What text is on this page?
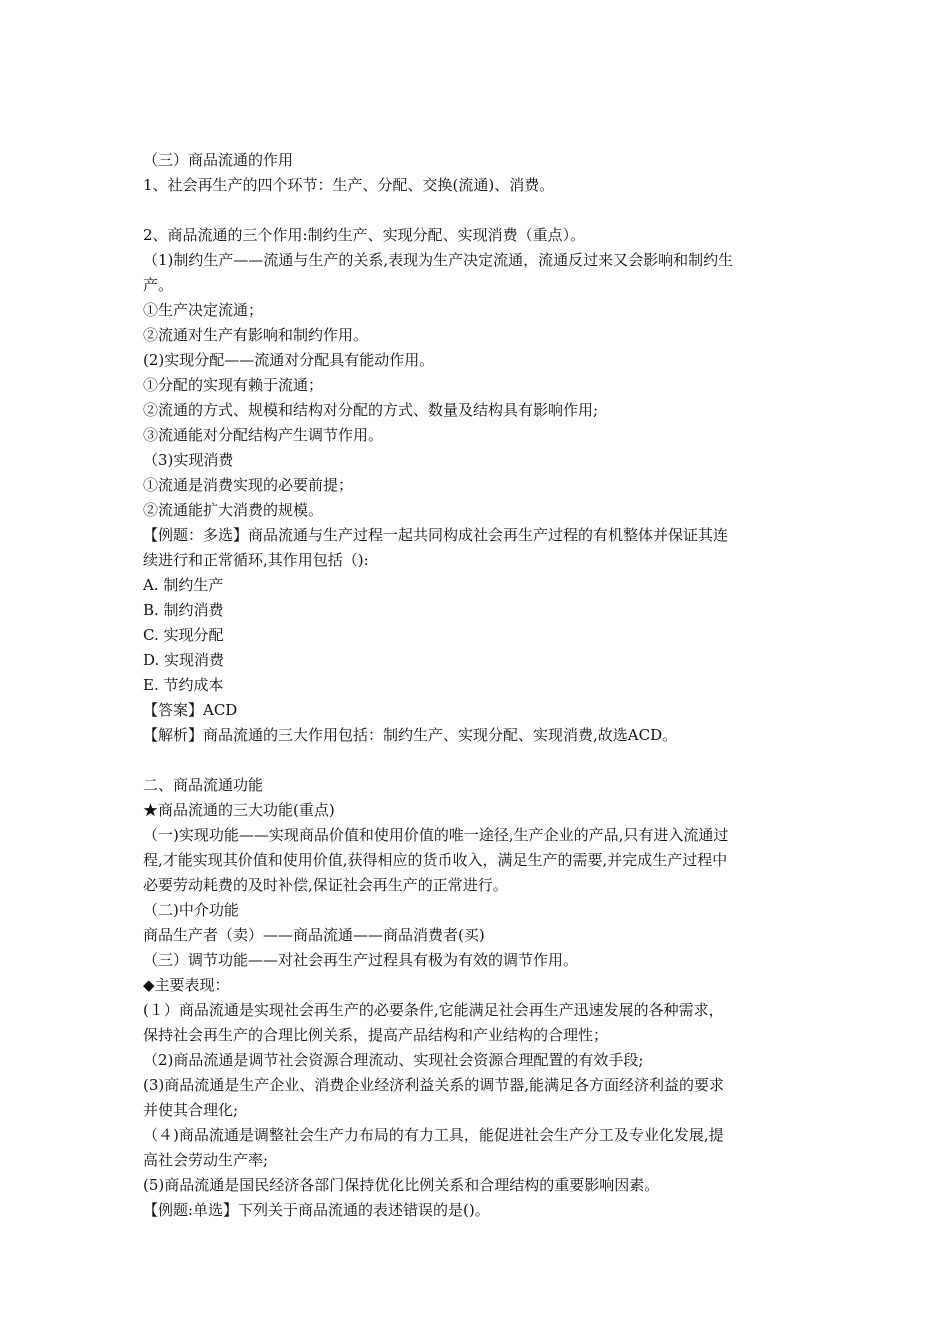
（三）商品流通的作用
1、社会再生产的四个环节：生产、分配、交换(流通)、消费。
2、商品流通的三个作用:制约生产、实现分配、实现消费（重点）。
（1)制约生产——流通与生产的关系,表现为生产决定流通，流通反过来又会影响和制约生
产。
①生产决定流通；
②流通对生产有影响和制约作用。
(2)实现分配——流通对分配具有能动作用。
①分配的实现有赖于流通；
②流通的方式、规模和结构对分配的方式、数量及结构具有影响作用;
③流通能对分配结构产生调节作用。
（3)实现消费
①流通是消费实现的必要前提；
②流通能扩大消费的规模。
【例题：多选】商品流通与生产过程一起共同构成社会再生产过程的有机整体并保证其连
续进行和正常循环,其作用包括（):
A. 制约生产
B. 制约消费
C. 实现分配
D. 实现消费
E. 节约成本
【答案】ACD
【解析】商品流通的三大作用包括：制约生产、实现分配、实现消费,故选ACD。
二、商品流通功能
★商品流通的三大功能(重点)
（一)实现功能——实现商品价值和使用价值的唯一途径,生产企业的产品,只有进入流通过
程,才能实现其价值和使用价值,获得相应的货币收入，满足生产的需要,并完成生产过程中
必要劳动耗费的及时补偿,保证社会再生产的正常进行。
（二)中介功能
商品生产者（卖）——商品流通——商品消费者(买)
（三）调节功能——对社会再生产过程具有极为有效的调节作用。
◆主要表现：
(１）商品流通是实现社会再生产的必要条件,它能满足社会再生产迅速发展的各种需求，
保持社会再生产的合理比例关系，提高产品结构和产业结构的合理性；
（2)商品流通是调节社会资源合理流动、实现社会资源合理配置的有效手段;
(3)商品流通是生产企业、消费企业经济利益关系的调节器,能满足各方面经济利益的要求
并使其合理化;
（４)商品流通是调整社会生产力布局的有力工具，能促进社会生产分工及专业化发展,提
高社会劳动生产率;
(5)商品流通是国民经济各部门保持优化比例关系和合理结构的重要影响因素。
【例题:单选】下列关于商品流通的表述错误的是()。
